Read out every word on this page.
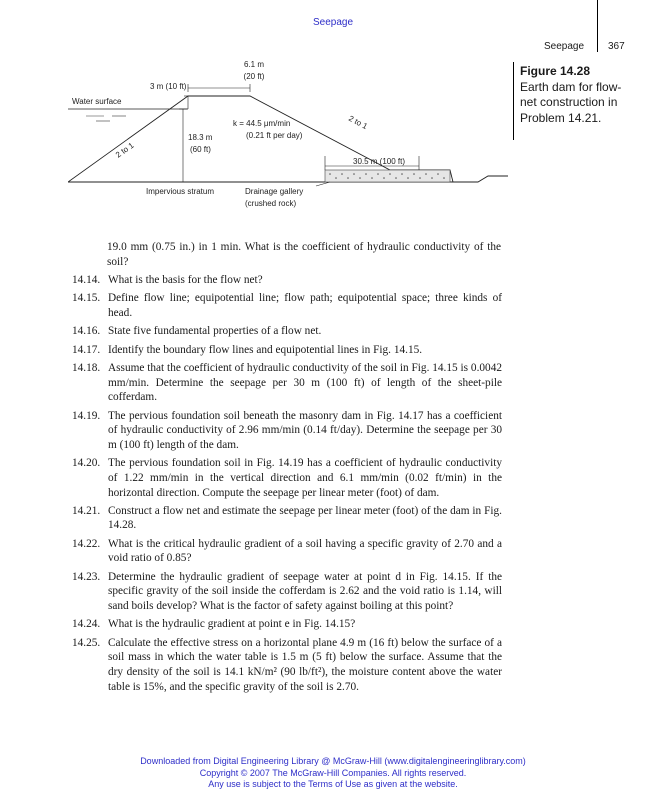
Seepage
Seepage 367
6.1 m
(20 ft)
3 m (10 ft)
Water surface
18.3 m
(60 ft)
k = 44.5 μm/min
(0.21 ft per day)
2 to 1
2 to 1
30.5 m (100 ft)
Impervious stratum	Drainage gallery
(crushed rock)
Figure 14.28
Earth dam for flow-net construction in Problem 14.21.
19.0 mm (0.75 in.) in 1 min. What is the coefficient of hydraulic conductivity of the soil?
14.14. What is the basis for the flow net?
14.15. Define flow line; equipotential line; flow path; equipotential space; three kinds of head.
14.16. State five fundamental properties of a flow net.
14.17. Identify the boundary flow lines and equipotential lines in Fig. 14.15.
14.18. Assume that the coefficient of hydraulic conductivity of the soil in Fig. 14.15 is 0.0042 mm/min. Determine the seepage per 30 m (100 ft) of length of the sheet-pile cofferdam.
14.19. The pervious foundation soil beneath the masonry dam in Fig. 14.17 has a coefficient of hydraulic conductivity of 2.96 mm/min (0.14 ft/day). Determine the seepage per 30 m (100 ft) length of the dam.
14.20. The pervious foundation soil in Fig. 14.19 has a coefficient of hydraulic conductivity of 1.22 mm/min in the vertical direction and 6.1 mm/min (0.02 ft/min) in the horizontal direction. Compute the seepage per linear meter (foot) of dam.
14.21. Construct a flow net and estimate the seepage per linear meter (foot) of the dam in Fig. 14.28.
14.22. What is the critical hydraulic gradient of a soil having a specific gravity of 2.70 and a void ratio of 0.85?
14.23. Determine the hydraulic gradient of seepage water at point d in Fig. 14.15. If the specific gravity of the soil inside the cofferdam is 2.62 and the void ratio is 1.14, will sand boils develop? What is the factor of safety against boiling at this point?
14.24. What is the hydraulic gradient at point e in Fig. 14.15?
14.25. Calculate the effective stress on a horizontal plane 4.9 m (16 ft) below the surface of a soil mass in which the water table is 1.5 m (5 ft) below the surface. Assume that the dry density of the soil is 14.1 kN/m² (90 lb/ft²), the moisture content above the water table is 15%, and the specific gravity of the soil is 2.70.
Downloaded from Digital Engineering Library @ McGraw-Hill (www.digitalengineeringlibrary.com)
Copyright © 2007 The McGraw-Hill Companies. All rights reserved.
Any use is subject to the Terms of Use as given at the website.
